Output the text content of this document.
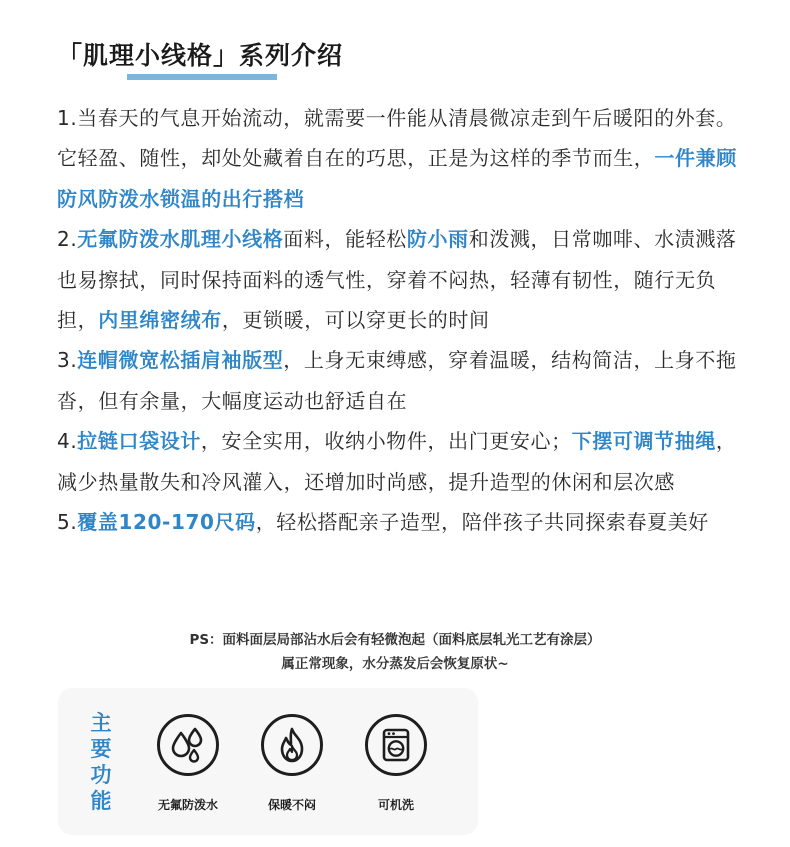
「肌理小线格」系列介绍
1.当春天的气息开始流动，就需要一件能从清晨微凉走到午后暖阳的外套。它轻盈、随性，却处处藏着自在的巧思，正是为这样的季节而生，一件兼顾防风防泼水锁温的出行搭档
2.无氟防泼水肌理小线格面料，能轻松防小雨和泼溅，日常咖啡、水渍溅落也易擦拭，同时保持面料的透气性，穿着不闷热，轻薄有韧性，随行无负担，内里绵密绒布，更锁暖，可以穿更长的时间
3.连帽微宽松插肩袖版型，上身无束缚感，穿着温暖，结构简洁，上身不拖沓，但有余量，大幅度运动也舒适自在
4.拉链口袋设计，安全实用，收纳小物件，出门更安心；下摆可调节抽绳，减少热量散失和冷风灌入，还增加时尚感，提升造型的休闲和层次感
5.覆盖120-170尺码，轻松搭配亲子造型，陪伴孩子共同探索春夏美好
PS：面料面层局部沾水后会有轻微泡起（面料底层轧光工艺有涂层）
属正常现象，水分蒸发后会恢复原状~
主要功能	无氟防泼水	保暖不闷	可机洗
